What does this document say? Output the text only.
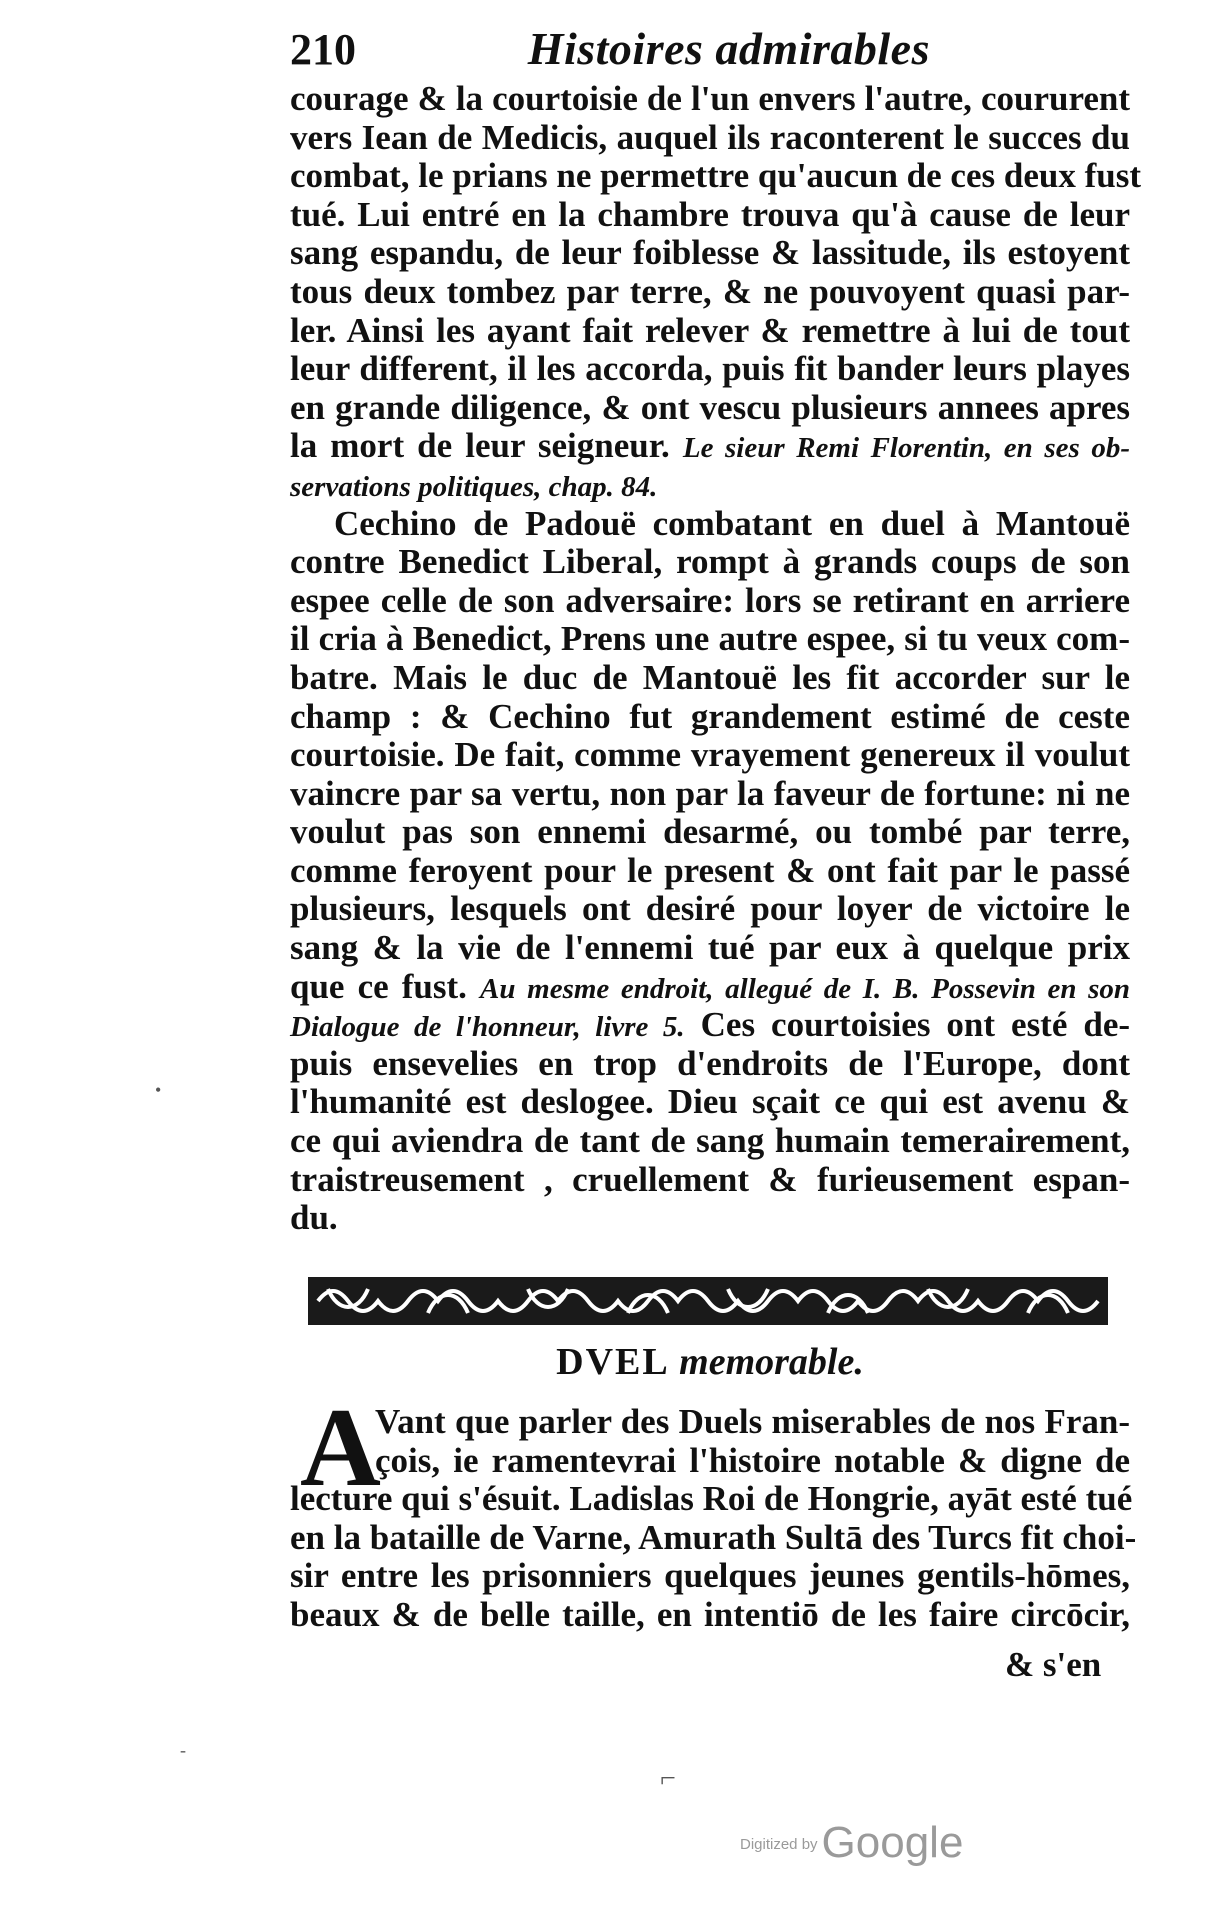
210	Histoires admirables
courage & la courtoisie de l'un envers l'autre, coururent
vers Iean de Medicis, auquel ils raconterent le succes du
combat, le prians ne permettre qu'aucun de ces deux fust
tué. Lui entré en la chambre trouva qu'à cause de leur
sang espandu, de leur foiblesse & lassitude, ils estoyent
tous deux tombez par terre, & ne pouvoyent quasi par-
ler. Ainsi les ayant fait relever & remettre à lui de tout
leur different, il les accorda, puis fit bander leurs playes
en grande diligence, & ont vescu plusieurs annees apres
la mort de leur seigneur. Le sieur Remi Florentin, en ses ob-
servations politiques, chap. 84.
Cechino de Padouë combatant en duel à Mantouë
contre Benedict Liberal, rompt à grands coups de son
espee celle de son adversaire: lors se retirant en arriere
il cria à Benedict, Prens une autre espee, si tu veux com-
batre. Mais le duc de Mantouë les fit accorder sur le
champ : & Cechino fut grandement estimé de ceste
courtoisie. De fait, comme vrayement genereux il voulut
vaincre par sa vertu, non par la faveur de fortune: ni ne
voulut pas son ennemi desarmé, ou tombé par terre,
comme feroyent pour le present & ont fait par le passé
plusieurs, lesquels ont desiré pour loyer de victoire le
sang & la vie de l'ennemi tué par eux à quelque prix
que ce fust. Au mesme endroit, allegué de I. B. Possevin en son
Dialogue de l'honneur, livre 5. Ces courtoisies ont esté de-
puis ensevelies en trop d'endroits de l'Europe, dont
l'humanité est deslogee. Dieu sçait ce qui est avenu &
ce qui aviendra de tant de sang humain temerairement,
traistreusement , cruellement & furieusement espan-
du.
DVEL memorable.
A
Vant que parler des Duels miserables de nos Fran-
çois, ie ramentevrai l'histoire notable & digne de
lecture qui s'ésuit. Ladislas Roi de Hongrie, ayāt esté tué
en la bataille de Varne, Amurath Sultā des Turcs fit choi-
sir entre les prisonniers quelques jeunes gentils-hōmes,
beaux & de belle taille, en intentiō de les faire circōcir,
& s'en
•
-
⌐
Digitized byGoogle
